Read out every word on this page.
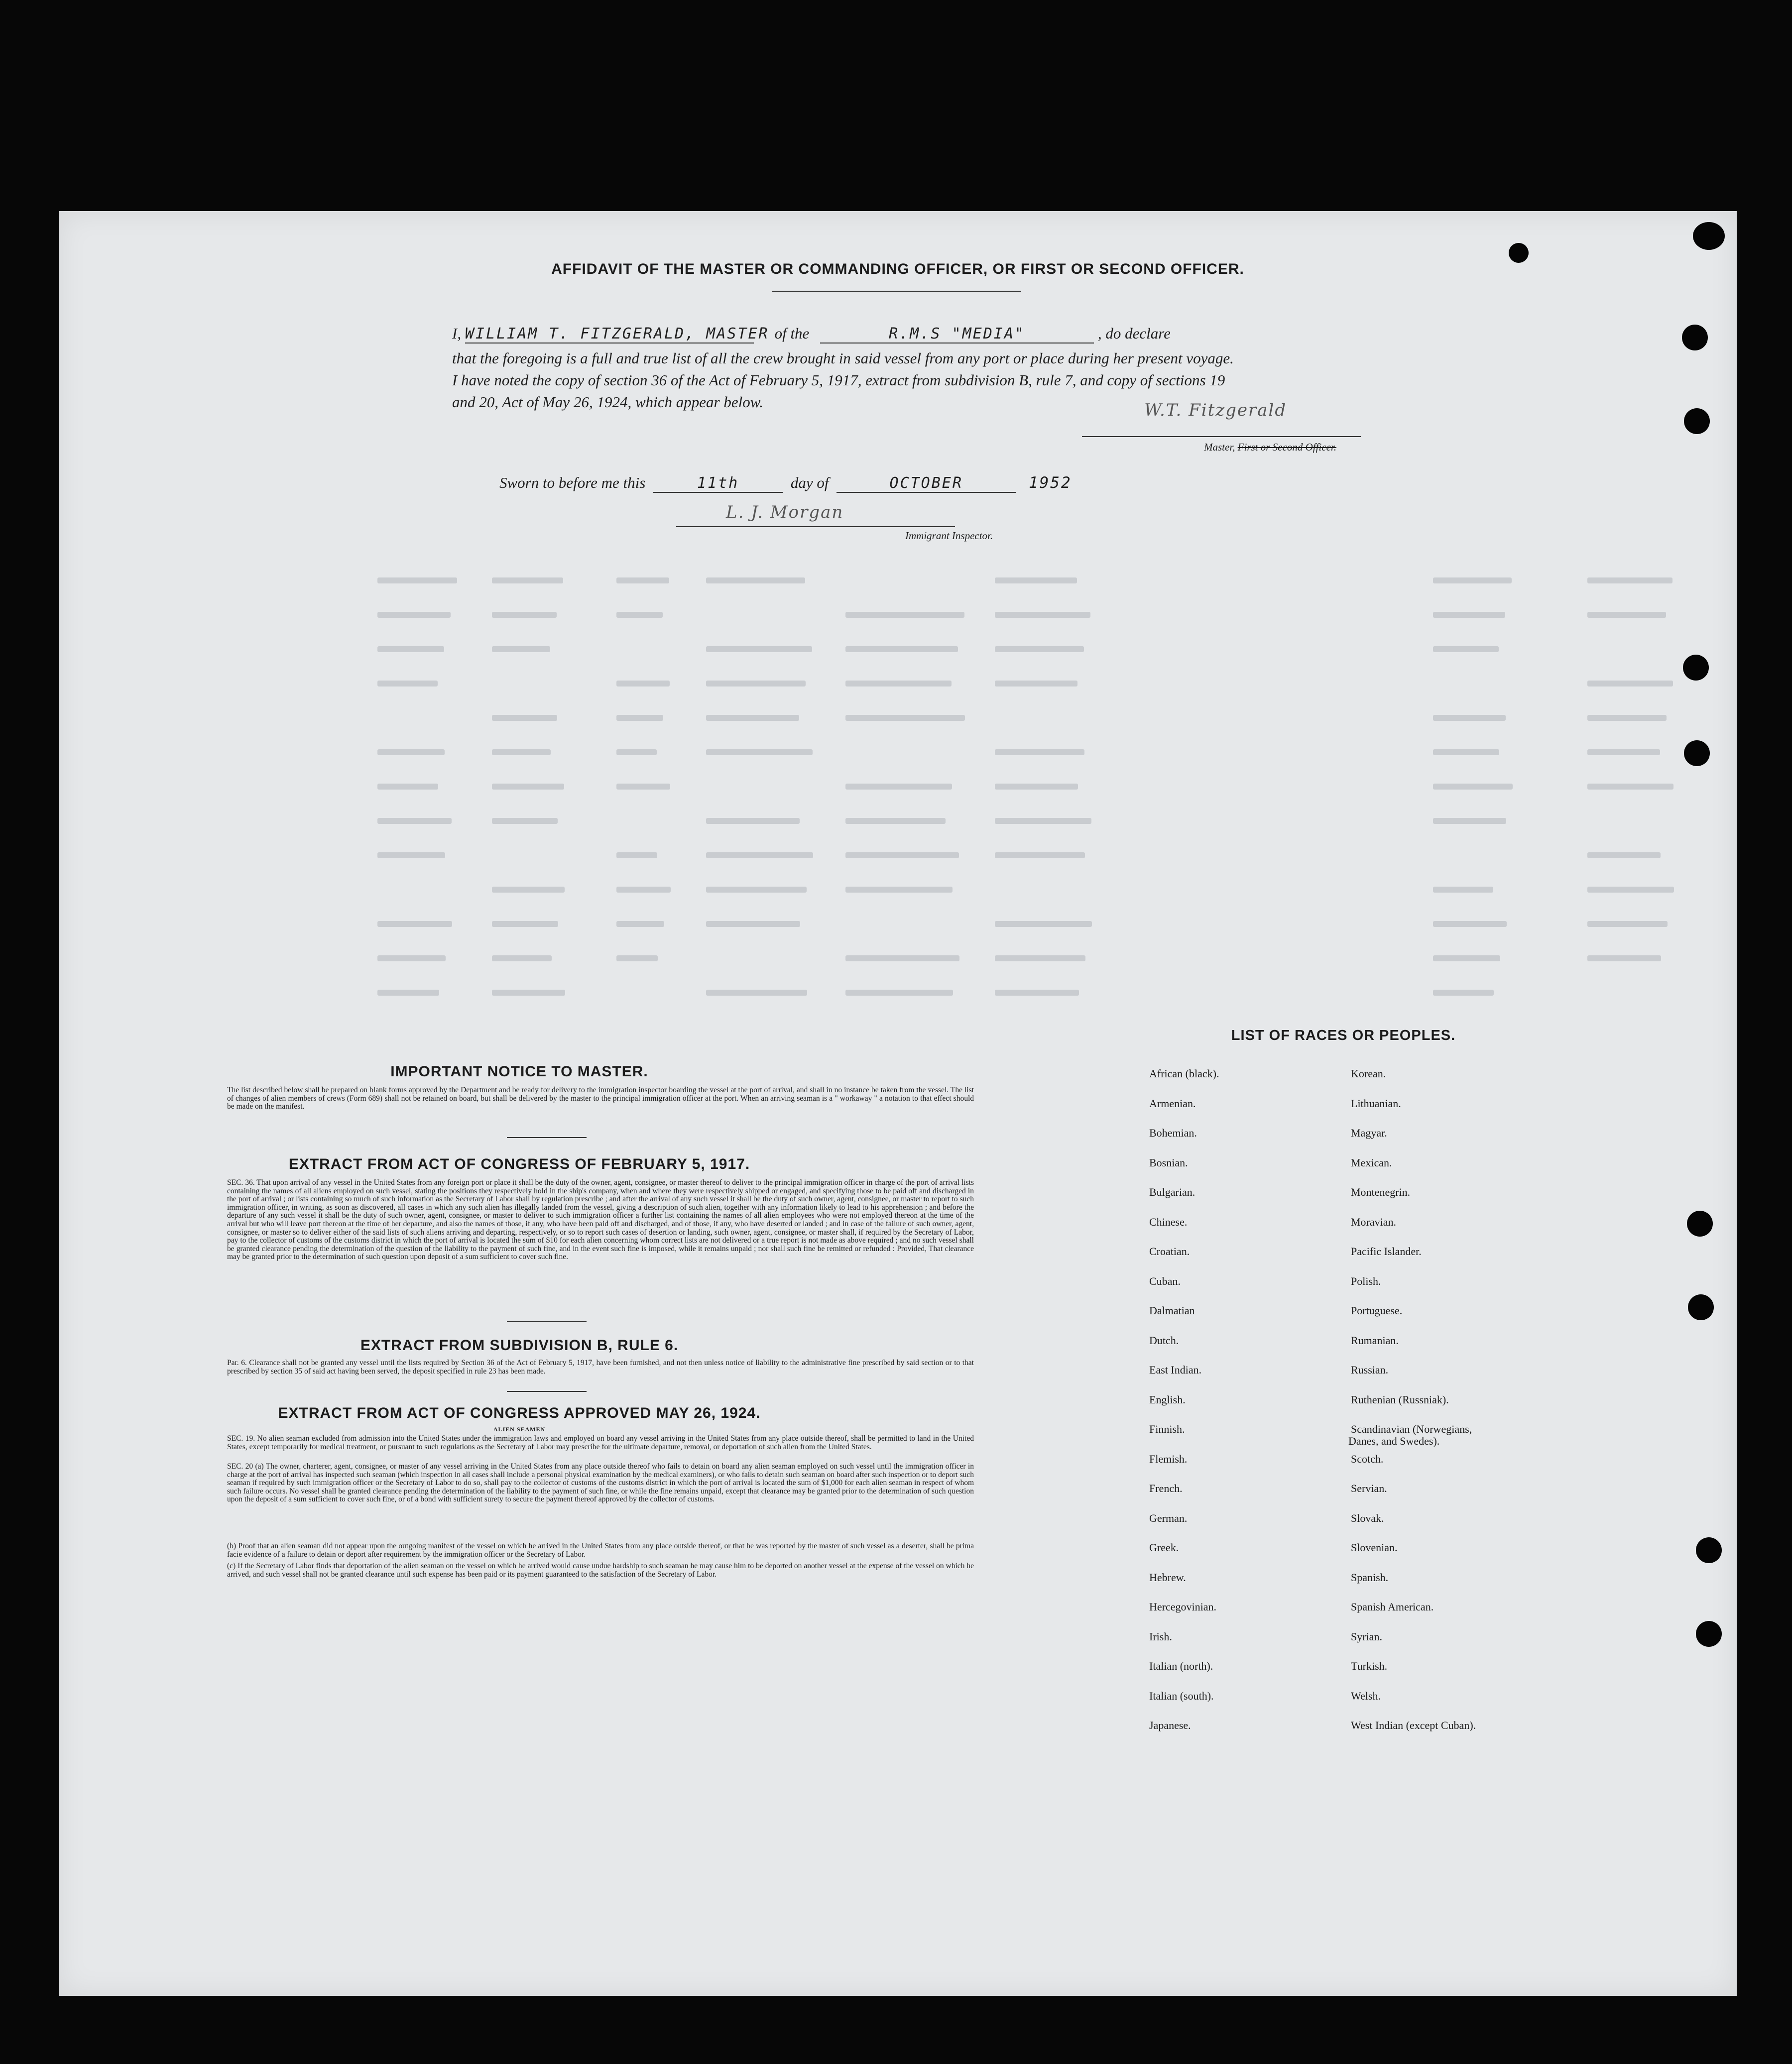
AFFIDAVIT OF THE MASTER OR COMMANDING OFFICER, OR FIRST OR SECOND OFFICER.
I, WILLIAM T. FITZGERALD, MASTER of the	R.M.S "MEDIA"	, do declare
that the foregoing is a full and true list of all the crew brought in said vessel from any port or place during her present voyage.
I have noted the copy of section 36 of the Act of February 5, 1917, extract from subdivision B, rule 7, and copy of sections 19
and 20, Act of May 26, 1924, which appear below.	W.T. Fitzgerald
Master, First or Second Officer.
Sworn to before me this	11th	day of	OCTOBER	1952
L. J. Morgan
Immigrant Inspector.
IMPORTANT NOTICE TO MASTER.
The list described below shall be prepared on blank forms approved by the Department and be ready for delivery to the immigration inspector boarding the vessel at the port of arrival, and shall in no instance be taken from the vessel. The list of changes of alien members of crews (Form 689) shall not be retained on board, but shall be delivered by the master to the principal immigration officer at the port. When an arriving seaman is a " workaway " a notation to that effect should be made on the manifest.
EXTRACT FROM ACT OF CONGRESS OF FEBRUARY 5, 1917.
SEC. 36. That upon arrival of any vessel in the United States from any foreign port or place it shall be the duty of the owner, agent, consignee, or master thereof to deliver to the principal immigration officer in charge of the port of arrival lists containing the names of all aliens employed on such vessel, stating the positions they respectively hold in the ship's company, when and where they were respectively shipped or engaged, and specifying those to be paid off and discharged in the port of arrival ; or lists containing so much of such information as the Secretary of Labor shall by regulation prescribe ; and after the arrival of any such vessel it shall be the duty of such owner, agent, consignee, or master to report to such immigration officer, in writing, as soon as discovered, all cases in which any such alien has illegally landed from the vessel, giving a description of such alien, together with any information likely to lead to his apprehension ; and before the departure of any such vessel it shall be the duty of such owner, agent, consignee, or master to deliver to such immigration officer a further list containing the names of all alien employees who were not employed thereon at the time of the arrival but who will leave port thereon at the time of her departure, and also the names of those, if any, who have been paid off and discharged, and of those, if any, who have deserted or landed ; and in case of the failure of such owner, agent, consignee, or master so to deliver either of the said lists of such aliens arriving and departing, respectively, or so to report such cases of desertion or landing, such owner, agent, consignee, or master shall, if required by the Secretary of Labor, pay to the collector of customs of the customs district in which the port of arrival is located the sum of $10 for each alien concerning whom correct lists are not delivered or a true report is not made as above required ; and no such vessel shall be granted clearance pending the determination of the question of the liability to the payment of such fine, and in the event such fine is imposed, while it remains unpaid ; nor shall such fine be remitted or refunded : Provided, That clearance may be granted prior to the determination of such question upon deposit of a sum sufficient to cover such fine.
EXTRACT FROM SUBDIVISION B, RULE 6.
Par. 6. Clearance shall not be granted any vessel until the lists required by Section 36 of the Act of February 5, 1917, have been furnished, and not then unless notice of liability to the administrative fine prescribed by said section or to that prescribed by section 35 of said act having been served, the deposit specified in rule 23 has been made.
EXTRACT FROM ACT OF CONGRESS APPROVED MAY 26, 1924.
ALIEN SEAMEN
SEC. 19. No alien seaman excluded from admission into the United States under the immigration laws and employed on board any vessel arriving in the United States from any place outside thereof, shall be permitted to land in the United States, except temporarily for medical treatment, or pursuant to such regulations as the Secretary of Labor may prescribe for the ultimate departure, removal, or deportation of such alien from the United States.
SEC. 20 (a) The owner, charterer, agent, consignee, or master of any vessel arriving in the United States from any place outside thereof who fails to detain on board any alien seaman employed on such vessel until the immigration officer in charge at the port of arrival has inspected such seaman (which inspection in all cases shall include a personal physical examination by the medical examiners), or who fails to detain such seaman on board after such inspection or to deport such seaman if required by such immigration officer or the Secretary of Labor to do so, shall pay to the collector of customs of the customs district in which the port of arrival is located the sum of $1,000 for each alien seaman in respect of whom such failure occurs. No vessel shall be granted clearance pending the determination of the liability to the payment of such fine, or while the fine remains unpaid, except that clearance may be granted prior to the determination of such question upon the deposit of a sum sufficient to cover such fine, or of a bond with sufficient surety to secure the payment thereof approved by the collector of customs.
(b) Proof that an alien seaman did not appear upon the outgoing manifest of the vessel on which he arrived in the United States from any place outside thereof, or that he was reported by the master of such vessel as a deserter, shall be prima facie evidence of a failure to detain or deport after requirement by the immigration officer or the Secretary of Labor.
(c) If the Secretary of Labor finds that deportation of the alien seaman on the vessel on which he arrived would cause undue hardship to such seaman he may cause him to be deported on another vessel at the expense of the vessel on which he arrived, and such vessel shall not be granted clearance until such expense has been paid or its payment guaranteed to the satisfaction of the Secretary of Labor.
LIST OF RACES OR PEOPLES.
African (black).
Armenian.
Bohemian.
Bosnian.
Bulgarian.
Chinese.
Croatian.
Cuban.
Dalmatian
Dutch.
East Indian.
English.
Finnish.
Flemish.
French.
German.
Greek.
Hebrew.
Hercegovinian.
Irish.
Italian (north).
Italian (south).
Japanese.
Korean.
Lithuanian.
Magyar.
Mexican.
Montenegrin.
Moravian.
Pacific Islander.
Polish.
Portuguese.
Rumanian.
Russian.
Ruthenian (Russniak).
Scandinavian (Norwegians,
Danes, and Swedes).
Scotch.
Servian.
Slovak.
Slovenian.
Spanish.
Spanish American.
Syrian.
Turkish.
Welsh.
West Indian (except Cuban).
